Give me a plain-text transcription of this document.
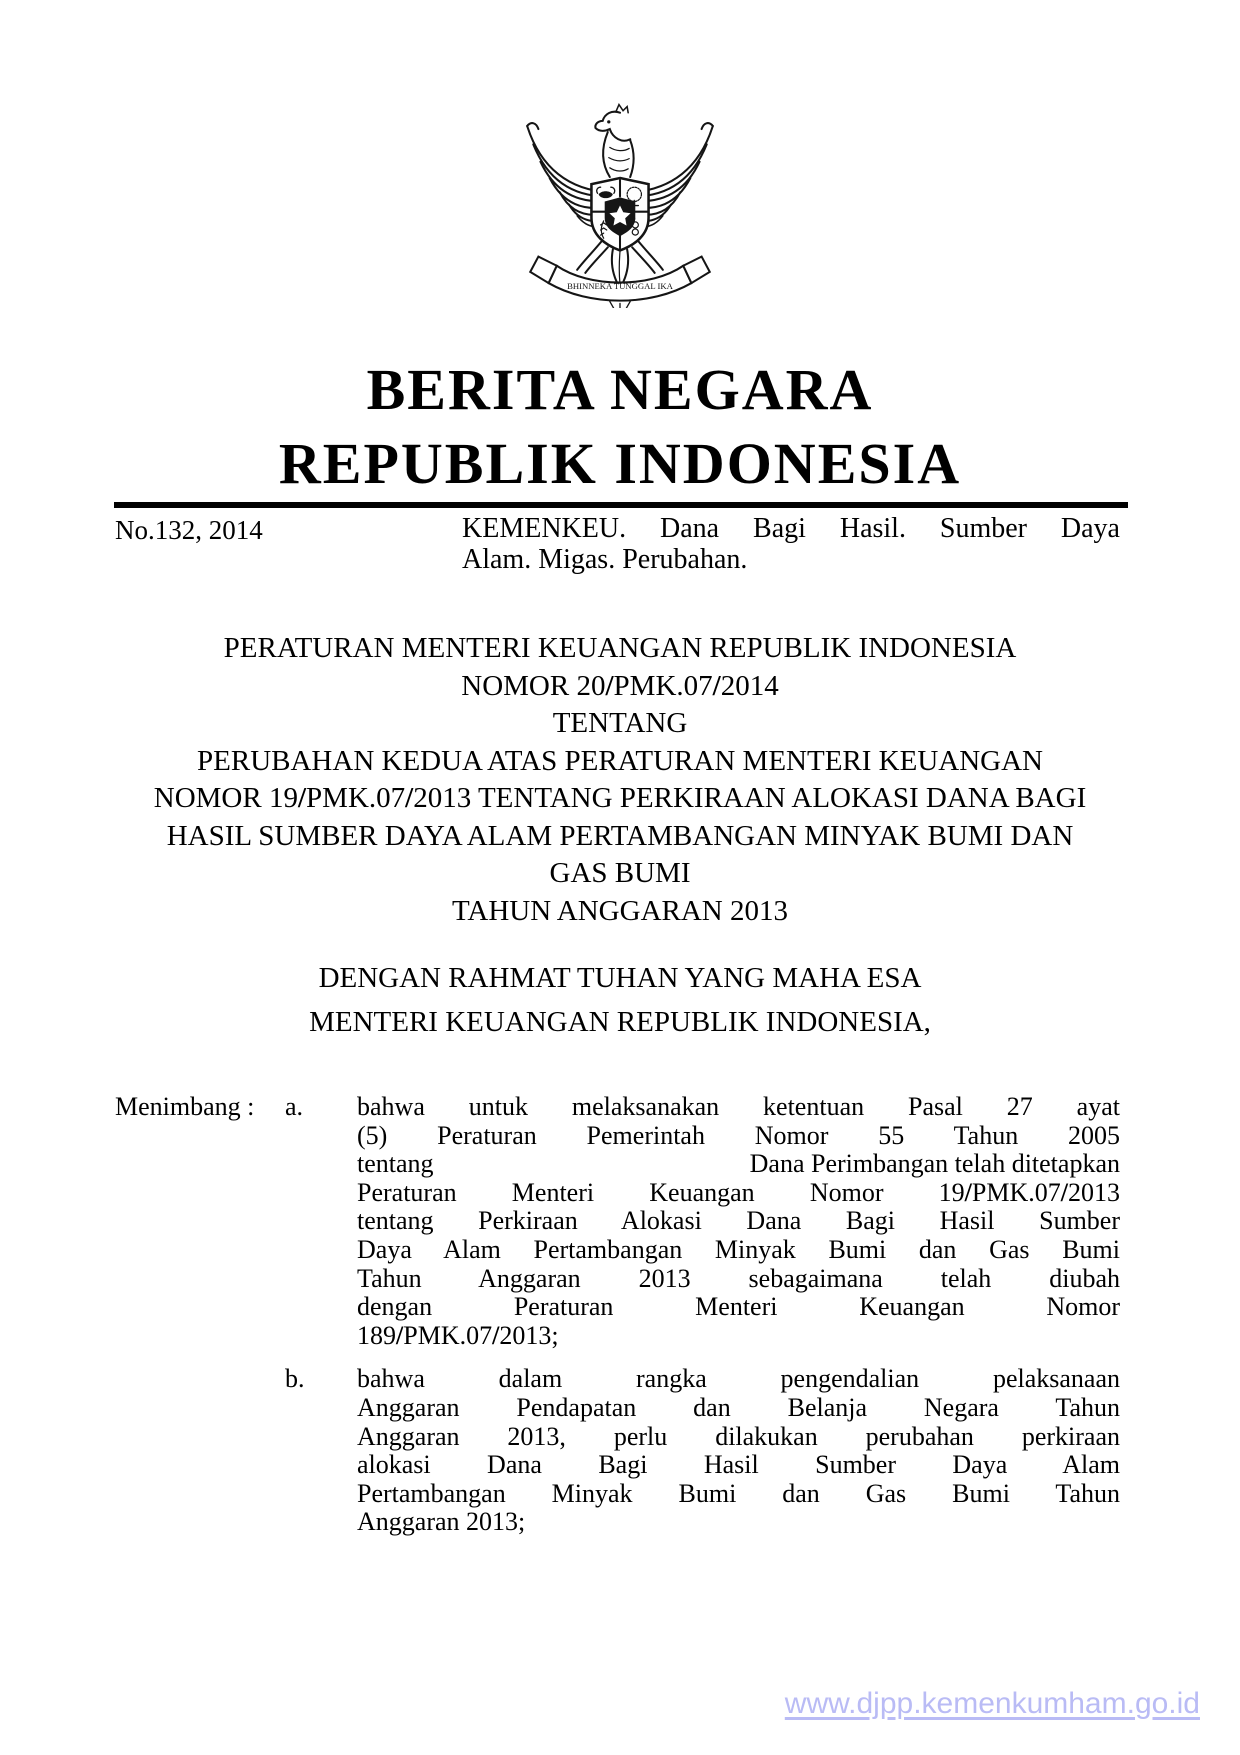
BHINNEKA TUNGGAL IKA
BERITA NEGARA
REPUBLIK INDONESIA
No.132, 2014	KEMENKEU. Dana Bagi Hasil. Sumber Daya
Alam. Migas. Perubahan.
PERATURAN MENTERI KEUANGAN REPUBLIK INDONESIA
NOMOR 20/PMK.07/2014
TENTANG
PERUBAHAN KEDUA ATAS PERATURAN MENTERI KEUANGAN
NOMOR 19/PMK.07/2013 TENTANG PERKIRAAN ALOKASI DANA BAGI
HASIL SUMBER DAYA ALAM PERTAMBANGAN MINYAK BUMI DAN
GAS BUMI
TAHUN ANGGARAN 2013
DENGAN RAHMAT TUHAN YANG MAHA ESA
MENTERI KEUANGAN REPUBLIK INDONESIA,
Menimbang : a. bahwa untuk melaksanakan ketentuan Pasal 27 ayat
(5) Peraturan Pemerintah Nomor 55 Tahun 2005
tentang	Dana Perimbangan telah ditetapkan
Peraturan Menteri Keuangan Nomor 19/PMK.07/2013
tentang Perkiraan Alokasi Dana Bagi Hasil Sumber
Daya Alam Pertambangan Minyak Bumi dan Gas Bumi
Tahun Anggaran 2013 sebagaimana telah diubah
dengan Peraturan Menteri Keuangan Nomor
189/PMK.07/2013;
b. bahwa dalam rangka pengendalian pelaksanaan
Anggaran Pendapatan dan Belanja Negara Tahun
Anggaran 2013, perlu dilakukan perubahan perkiraan
alokasi Dana Bagi Hasil Sumber Daya Alam
Pertambangan Minyak Bumi dan Gas Bumi Tahun
Anggaran 2013;
www.djpp.kemenkumham.go.id
